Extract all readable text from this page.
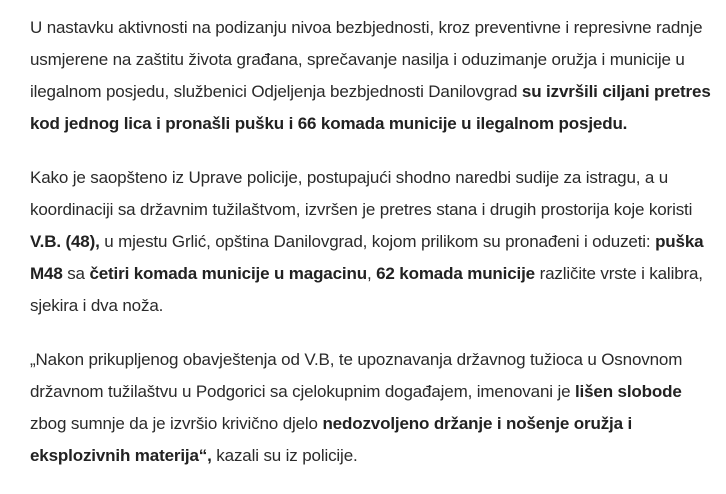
U nastavku aktivnosti na podizanju nivoa bezbjednosti, kroz preventivne i represivne radnje
usmjerene na zaštitu života građana, sprečavanje nasilja i oduzimanje oružja i municije u
ilegalnom posjedu, službenici Odjeljenja bezbjednosti Danilovgrad su izvršili ciljani pretres
kod jednog lica i pronašli pušku i 66 komada municije u ilegalnom posjedu.

Kako je saopšteno iz Uprave policije, postupajući shodno naredbi sudije za istragu, a u
koordinaciji sa državnim tužilaštvom, izvršen je pretres stana i drugih prostorija koje koristi
V.B. (48), u mjestu Grlić, opština Danilovgrad, kojom prilikom su pronađeni i oduzeti: puška
M48 sa četiri komada municije u magacinu, 62 komada municije različite vrste i kalibra,
sjekira i dva noža.

„Nakon prikupljenog obavještenja od V.B, te upoznavanja državnog tužioca u Osnovnom
državnom tužilaštvu u Podgorici sa cjelokupnim događajem, imenovani je lišen slobode
zbog sumnje da je izvršio krivično djelo nedozvoljeno držanje i nošenje oružja i
eksplozivnih materija“, kazali su iz policije.
